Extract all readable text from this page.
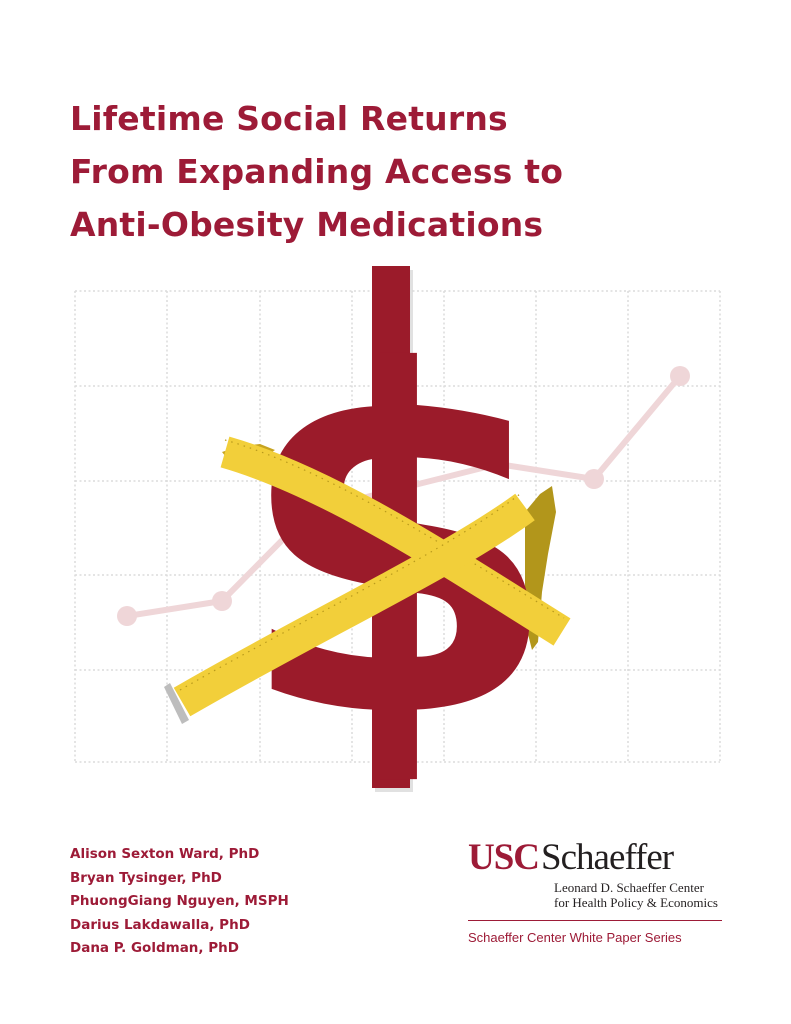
Lifetime Social Returns
From Expanding Access to
Anti-Obesity Medications
$
Alison Sexton Ward, PhD
Bryan Tysinger, PhD
PhuongGiang Nguyen, MSPH
Darius Lakdawalla, PhD
Dana P. Goldman, PhD
USCSchaeffer
Leonard D. Schaeffer Center
for Health Policy & Economics
Schaeffer Center White Paper Series
